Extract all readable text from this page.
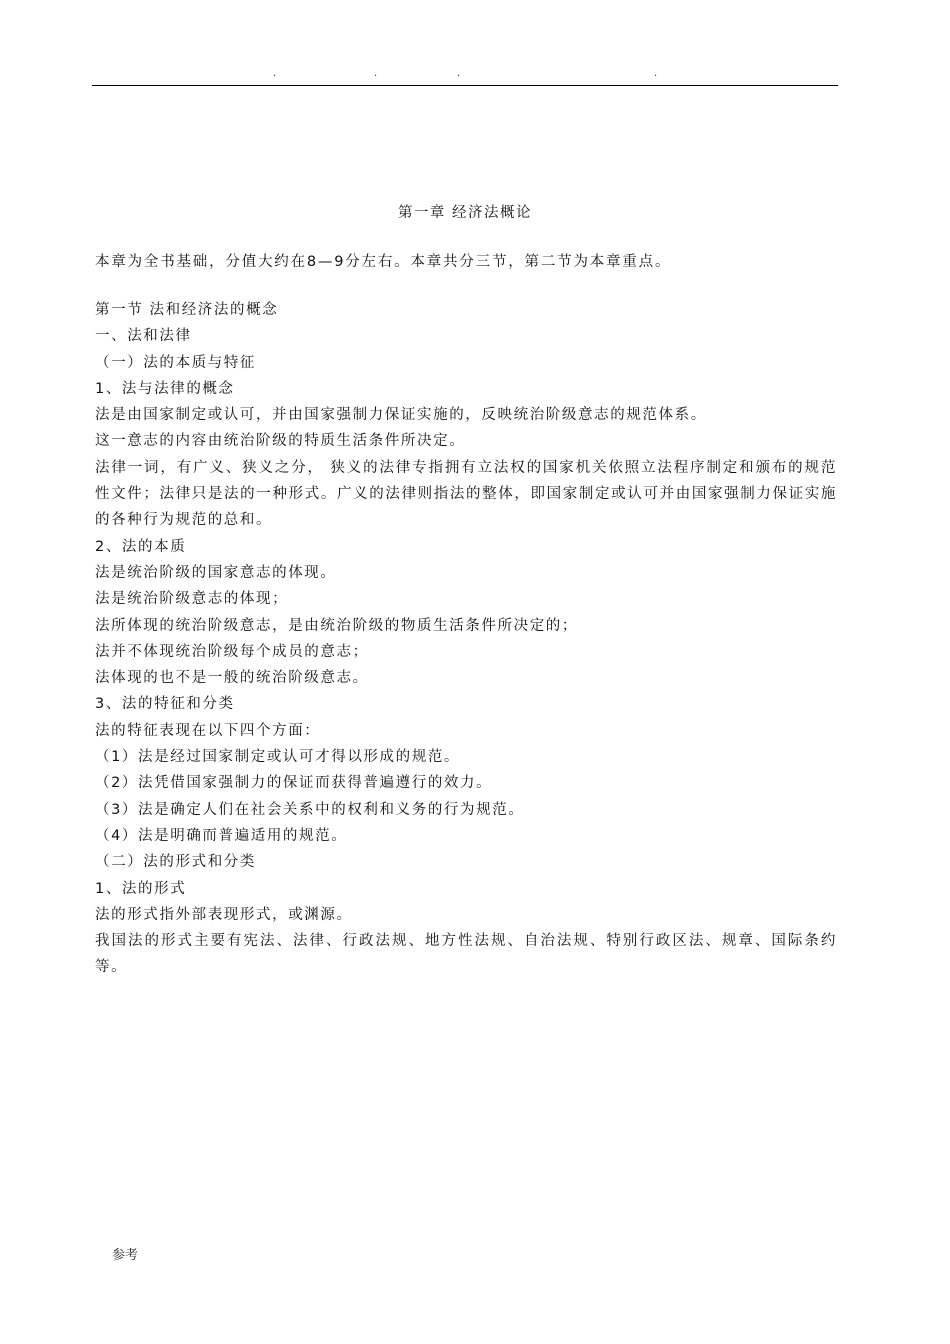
.	.	.	.
第一章 经济法概论
本章为全书基础，分值大约在8—9分左右。本章共分三节，第二节为本章重点。

第一节 法和经济法的概念

一、法和法律

（一）法的本质与特征

1、法与法律的概念

法是由国家制定或认可，并由国家强制力保证实施的，反映统治阶级意志的规范体系。

这一意志的内容由统治阶级的特质生活条件所决定。

法律一词，有广义、狭义之分， 狭义的法律专指拥有立法权的国家机关依照立法程序制定和颁布的规范性文件；法律只是法的一种形式。广义的法律则指法的整体，即国家制定或认可并由国家强制力保证实施的各种行为规范的总和。

2、法的本质

法是统治阶级的国家意志的体现。

法是统治阶级意志的体现；

法所体现的统治阶级意志，是由统治阶级的物质生活条件所决定的；

法并不体现统治阶级每个成员的意志；

法体现的也不是一般的统治阶级意志。

3、法的特征和分类

法的特征表现在以下四个方面：

（1）法是经过国家制定或认可才得以形成的规范。

（2）法凭借国家强制力的保证而获得普遍遵行的效力。

（3）法是确定人们在社会关系中的权利和义务的行为规范。

（4）法是明确而普遍适用的规范。

（二）法的形式和分类

1、法的形式

法的形式指外部表现形式，或渊源。

我国法的形式主要有宪法、法律、行政法规、地方性法规、自治法规、特别行政区法、规章、国际条约等。

参考
